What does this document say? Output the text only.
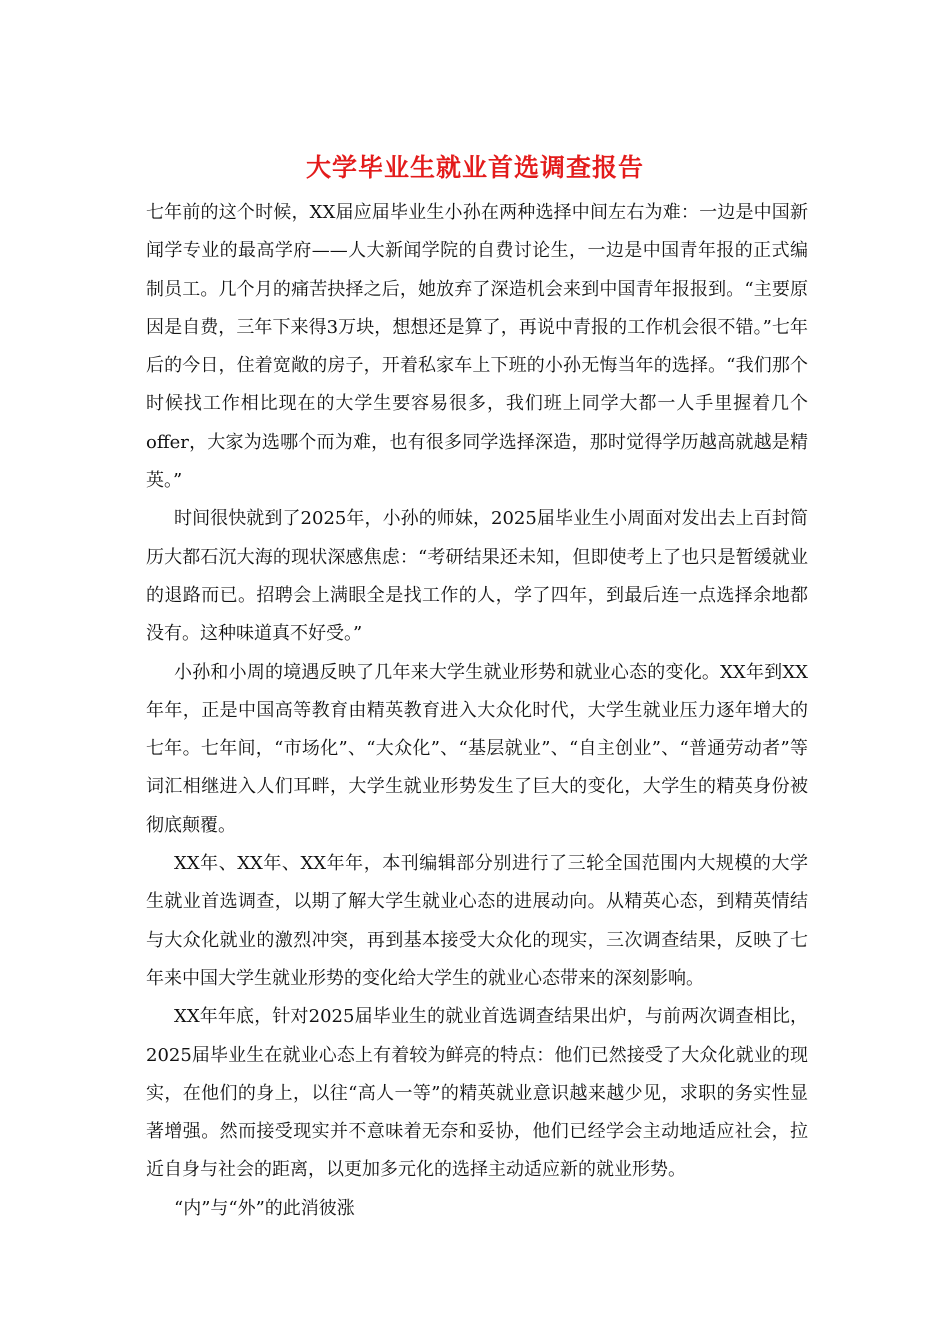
大学毕业生就业首选调查报告

七年前的这个时候，XX届应届毕业生小孙在两种选择中间左右为难：一边是中国新闻学专业的最高学府——人大新闻学院的自费讨论生，一边是中国青年报的正式编制员工。几个月的痛苦抉择之后，她放弃了深造机会来到中国青年报报到。“主要原因是自费，三年下来得3万块，想想还是算了，再说中青报的工作机会很不错。”七年后的今日，住着宽敞的房子，开着私家车上下班的小孙无悔当年的选择。“我们那个时候找工作相比现在的大学生要容易很多，我们班上同学大都一人手里握着几个offer，大家为选哪个而为难，也有很多同学选择深造，那时觉得学历越高就越是精英。”

时间很快就到了2025年，小孙的师妹，2025届毕业生小周面对发出去上百封简历大都石沉大海的现状深感焦虑：“考研结果还未知，但即使考上了也只是暂缓就业的退路而已。招聘会上满眼全是找工作的人，学了四年，到最后连一点选择余地都没有。这种味道真不好受。”

小孙和小周的境遇反映了几年来大学生就业形势和就业心态的变化。XX年到XX年年，正是中国高等教育由精英教育进入大众化时代，大学生就业压力逐年增大的七年。七年间，“市场化”、“大众化”、“基层就业”、“自主创业”、“普通劳动者”等词汇相继进入人们耳畔，大学生就业形势发生了巨大的变化，大学生的精英身份被彻底颠覆。

XX年、XX年、XX年年，本刊编辑部分别进行了三轮全国范围内大规模的大学生就业首选调查，以期了解大学生就业心态的进展动向。从精英心态，到精英情结与大众化就业的激烈冲突，再到基本接受大众化的现实，三次调查结果，反映了七年来中国大学生就业形势的变化给大学生的就业心态带来的深刻影响。

XX年年底，针对2025届毕业生的就业首选调查结果出炉，与前两次调查相比，2025届毕业生在就业心态上有着较为鲜亮的特点：他们已然接受了大众化就业的现实，在他们的身上，以往“高人一等”的精英就业意识越来越少见，求职的务实性显著增强。然而接受现实并不意味着无奈和妥协，他们已经学会主动地适应社会，拉近自身与社会的距离，以更加多元化的选择主动适应新的就业形势。

“内”与“外”的此消彼涨
